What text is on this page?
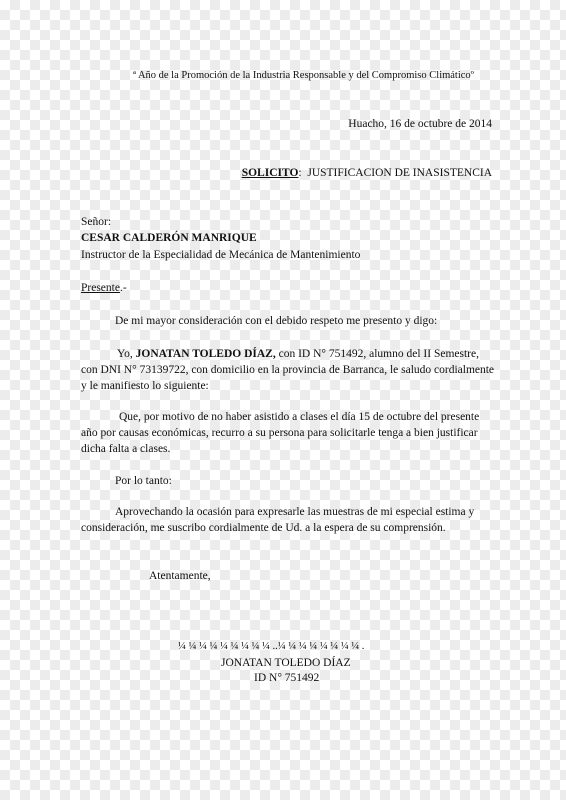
ª Año de la Promoción de la Industria Responsable y del Compromiso Climáticoº
Huacho, 16 de octubre de 2014
SOLICITO: JUSTIFICACION DE INASISTENCIA
Señor:
CESAR CALDERÓN MANRIQUE
Instructor de la Especialidad de Mecánica de Mantenimiento
Presente.-
De mi mayor consideración con el debido respeto me presento y digo:
Yo, JONATAN TOLEDO DÍAZ, con ID N° 751492, alumno del II Semestre,
con DNI N° 73139722, con domicilio en la provincia de Barranca, le saludo cordialmente
y le manifiesto lo siguiente:
Que, por motivo de no haber asistido a clases el día 15 de octubre del presente
año por causas económicas, recurro a su persona para solicitarle tenga a bien justificar
dicha falta a clases.
Por lo tanto:
Aprovechando la ocasión para expresarle las muestras de mi especial estima y
consideración, me suscribo cordialmente de Ud. a la espera de su comprensión.
Atentamente,
¼ ¼ ¼ ¼ ¼ ¼ ¼ ¼ ¼ ..¼ ¼ ¼ ¼ ¼ ¼ ¼ ¼ .
JONATAN TOLEDO DÍAZ
ID N° 751492
